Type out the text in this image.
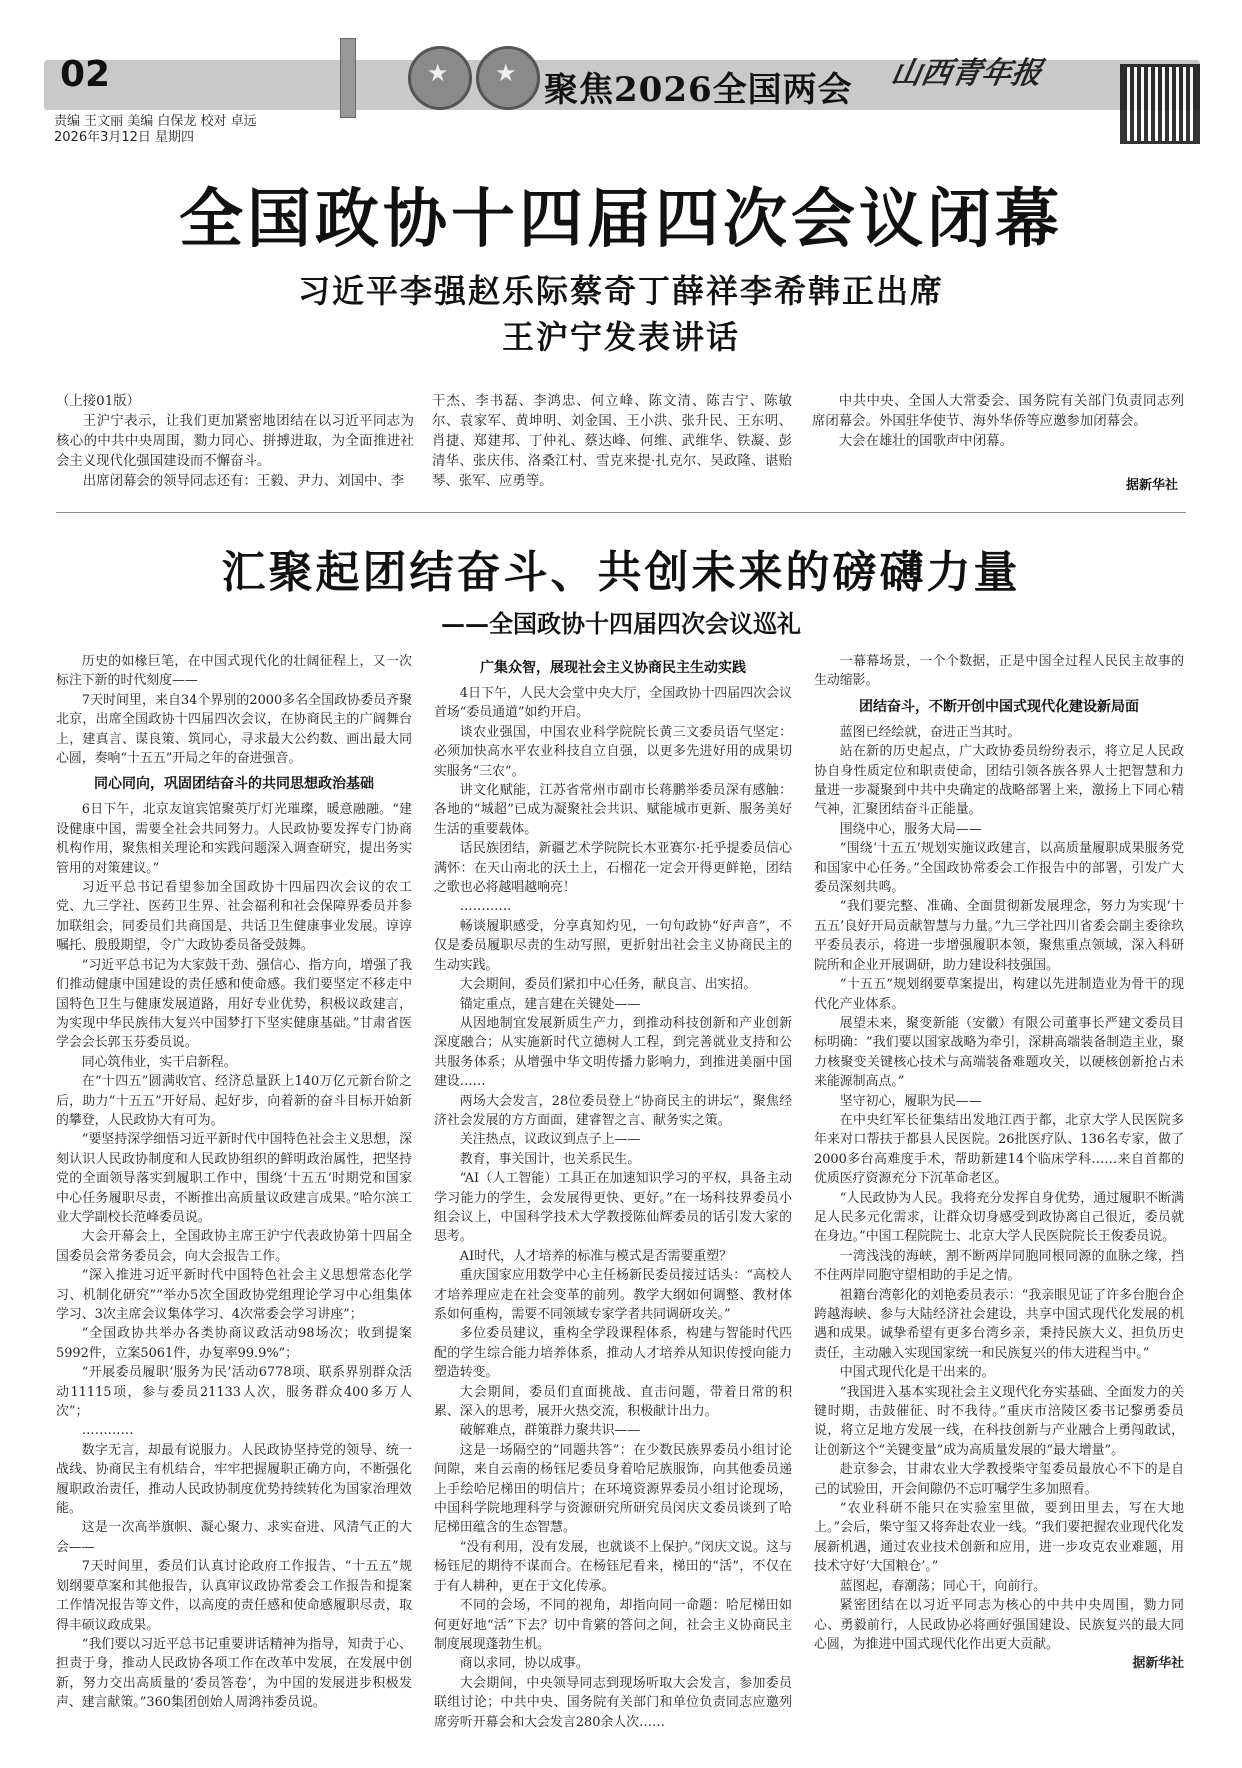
02 ★ ★	聚焦2026全国两会 山西青年报
责编 王文丽 美编 白保龙 校对 卓远
2026年3月12日 星期四
全国政协十四届四次会议闭幕
习近平李强赵乐际蔡奇丁薛祥李希韩正出席
王沪宁发表讲话

（上接01版）

王沪宁表示，让我们更加紧密地团结在以习近平同志为核心的中共中央周围，勠力同心、拼搏进取，为全面推进社会主义现代化强国建设而不懈奋斗。

出席闭幕会的领导同志还有：王毅、尹力、刘国中、李

干杰、李书磊、李鸿忠、何立峰、陈文清、陈吉宁、陈敏尔、袁家军、黄坤明、刘金国、王小洪、张升民、王东明、肖捷、郑建邦、丁仲礼、蔡达峰、何维、武维华、铁凝、彭清华、张庆伟、洛桑江村、雪克来提·扎克尔、吴政隆、谌贻琴、张军、应勇等。

中共中央、全国人大常委会、国务院有关部门负责同志列席闭幕会。外国驻华使节、海外华侨等应邀参加闭幕会。

大会在雄壮的国歌声中闭幕。

据新华社
汇聚起团结奋斗、共创未来的磅礴力量
——全国政协十四届四次会议巡礼

历史的如椽巨笔，在中国式现代化的壮阔征程上，又一次标注下新的时代刻度——

7天时间里，来自34个界别的2000多名全国政协委员齐聚北京，出席全国政协十四届四次会议，在协商民主的广阔舞台上，建真言、谋良策、筑同心，寻求最大公约数、画出最大同心圆，奏响“十五五”开局之年的奋进强音。

同心同向，巩固团结奋斗的共同思想政治基础

6日下午，北京友谊宾馆聚英厅灯光璀璨，暖意融融。“建设健康中国，需要全社会共同努力。人民政协要发挥专门协商机构作用，聚焦相关理论和实践问题深入调查研究，提出务实管用的对策建议。”

习近平总书记看望参加全国政协十四届四次会议的农工党、九三学社、医药卫生界、社会福利和社会保障界委员并参加联组会，同委员们共商国是、共话卫生健康事业发展。谆谆嘱托、殷殷期望，令广大政协委员备受鼓舞。

“习近平总书记为大家鼓干劲、强信心、指方向，增强了我们推动健康中国建设的责任感和使命感。我们要坚定不移走中国特色卫生与健康发展道路，用好专业优势，积极议政建言，为实现中华民族伟大复兴中国梦打下坚实健康基础。”甘肃省医学会会长郭玉芬委员说。

同心筑伟业，实干启新程。

在“十四五”圆满收官、经济总量跃上140万亿元新台阶之后，助力“十五五”开好局、起好步，向着新的奋斗目标开始新的攀登，人民政协大有可为。

“要坚持深学细悟习近平新时代中国特色社会主义思想，深刻认识人民政协制度和人民政协组织的鲜明政治属性，把坚持党的全面领导落实到履职工作中，围绕‘十五五’时期党和国家中心任务履职尽责，不断推出高质量议政建言成果。”哈尔滨工业大学副校长范峰委员说。

大会开幕会上，全国政协主席王沪宁代表政协第十四届全国委员会常务委员会，向大会报告工作。

“深入推进习近平新时代中国特色社会主义思想常态化学习、机制化研究”“举办5次全国政协党组理论学习中心组集体学习、3次主席会议集体学习、4次常委会学习讲座”；

“全国政协共举办各类协商议政活动98场次；收到提案5992件，立案5061件，办复率99.9%”；

“开展委员履职‘服务为民’活动6778项、联系界别群众活动11115项，参与委员21133人次，服务群众400多万人次”；

…………

数字无言，却最有说服力。人民政协坚持党的领导、统一战线、协商民主有机结合，牢牢把握履职正确方向，不断强化履职政治责任，推动人民政协制度优势持续转化为国家治理效能。

这是一次高举旗帜、凝心聚力、求实奋进、风清气正的大会——

7天时间里，委员们认真讨论政府工作报告、“十五五”规划纲要草案和其他报告，认真审议政协常委会工作报告和提案工作情况报告等文件，以高度的责任感和使命感履职尽责，取得丰硕议政成果。

“我们要以习近平总书记重要讲话精神为指导，知责于心、担责于身，推动人民政协各项工作在改革中发展，在发展中创新，努力交出高质量的‘委员答卷’，为中国的发展进步积极发声、建言献策。”360集团创始人周鸿祎委员说。

广集众智，展现社会主义协商民主生动实践

4日下午，人民大会堂中央大厅，全国政协十四届四次会议首场“委员通道”如约开启。

谈农业强国，中国农业科学院院长黄三文委员语气坚定：必须加快高水平农业科技自立自强，以更多先进好用的成果切实服务“三农”。

讲文化赋能，江苏省常州市副市长蒋鹏举委员深有感触：各地的“城超”已成为凝聚社会共识、赋能城市更新、服务美好生活的重要载体。

话民族团结，新疆艺术学院院长木亚赛尔·托乎提委员信心满怀：在天山南北的沃土上，石榴花一定会开得更鲜艳，团结之歌也必将越唱越响亮！

…………

畅谈履职感受，分享真知灼见，一句句政协“好声音”，不仅是委员履职尽责的生动写照，更折射出社会主义协商民主的生动实践。

大会期间，委员们紧扣中心任务，献良言、出实招。

锚定重点，建言建在关键处——

从因地制宜发展新质生产力，到推动科技创新和产业创新深度融合；从实施新时代立德树人工程，到完善就业支持和公共服务体系；从增强中华文明传播力影响力，到推进美丽中国建设……

两场大会发言，28位委员登上“协商民主的讲坛”，聚焦经济社会发展的方方面面，建睿智之言、献务实之策。

关注热点，议政议到点子上——

教育，事关国计，也关系民生。

“AI（人工智能）工具正在加速知识学习的平权，具备主动学习能力的学生，会发展得更快、更好。”在一场科技界委员小组会议上，中国科学技术大学教授陈仙辉委员的话引发大家的思考。

AI时代，人才培养的标准与模式是否需要重塑？

重庆国家应用数学中心主任杨新民委员接过话头：“高校人才培养理应走在社会变革的前列。教学大纲如何调整、教材体系如何重构，需要不同领域专家学者共同调研攻关。”

多位委员建议，重构全学段课程体系，构建与智能时代匹配的学生综合能力培养体系，推动人才培养从知识传授向能力塑造转变。

大会期间，委员们直面挑战、直击问题，带着日常的积累、深入的思考，展开火热交流，积极献计出力。

破解难点，群策群力聚共识——

这是一场隔空的“同题共答”：在少数民族界委员小组讨论间隙，来自云南的杨钰尼委员身着哈尼族服饰，向其他委员递上手绘哈尼梯田的明信片；在环境资源界委员小组讨论现场，中国科学院地理科学与资源研究所研究员闵庆文委员谈到了哈尼梯田蕴含的生态智慧。

“没有利用，没有发展，也就谈不上保护。”闵庆文说。这与杨钰尼的期待不谋而合。在杨钰尼看来，梯田的“活”，不仅在于有人耕种，更在于文化传承。

不同的会场，不同的视角，却指向同一命题：哈尼梯田如何更好地“活”下去？切中肯綮的答问之间，社会主义协商民主制度展现蓬勃生机。

商以求同，协以成事。

大会期间，中央领导同志到现场听取大会发言，参加委员联组讨论；中共中央、国务院有关部门和单位负责同志应邀列席旁听开幕会和大会发言280余人次……

一幕幕场景，一个个数据，正是中国全过程人民民主故事的生动缩影。

团结奋斗，不断开创中国式现代化建设新局面

蓝图已经绘就，奋进正当其时。

站在新的历史起点，广大政协委员纷纷表示，将立足人民政协自身性质定位和职责使命，团结引领各族各界人士把智慧和力量进一步凝聚到中共中央确定的战略部署上来，激扬上下同心精气神，汇聚团结奋斗正能量。

围绕中心，服务大局——

“围绕‘十五五’规划实施议政建言，以高质量履职成果服务党和国家中心任务。”全国政协常委会工作报告中的部署，引发广大委员深刻共鸣。

“我们要完整、准确、全面贯彻新发展理念，努力为实现‘十五五’良好开局贡献智慧与力量。”九三学社四川省委会副主委徐玖平委员表示，将进一步增强履职本领，聚焦重点领域，深入科研院所和企业开展调研，助力建设科技强国。

“十五五”规划纲要草案提出，构建以先进制造业为骨干的现代化产业体系。

展望未来，聚变新能（安徽）有限公司董事长严建文委员目标明确：“我们要以国家战略为牵引，深耕高端装备制造主业，聚力核聚变关键核心技术与高端装备难题攻关，以硬核创新抢占未来能源制高点。”

坚守初心，履职为民——

在中央红军长征集结出发地江西于都，北京大学人民医院多年来对口帮扶于都县人民医院。26批医疗队、136名专家，做了2000多台高难度手术，帮助新建14个临床学科……来自首都的优质医疗资源充分下沉革命老区。

“人民政协为人民。我将充分发挥自身优势，通过履职不断满足人民多元化需求，让群众切身感受到政协离自己很近，委员就在身边。”中国工程院院士、北京大学人民医院院长王俊委员说。

一湾浅浅的海峡，割不断两岸同胞同根同源的血脉之缘，挡不住两岸同胞守望相助的手足之情。

祖籍台湾彰化的刘艳委员表示：“我亲眼见证了许多台胞台企跨越海峡、参与大陆经济社会建设，共享中国式现代化发展的机遇和成果。诚挚希望有更多台湾乡亲，秉持民族大义、担负历史责任，主动融入实现国家统一和民族复兴的伟大进程当中。”

中国式现代化是干出来的。

“我国进入基本实现社会主义现代化夯实基础、全面发力的关键时期，击鼓催征、时不我待。”重庆市涪陵区委书记黎勇委员说，将立足地方发展一线，在科技创新与产业融合上勇闯敢试，让创新这个“关键变量”成为高质量发展的“最大增量”。

赴京参会，甘肃农业大学教授柴守玺委员最放心不下的是自己的试验田，开会间隙仍不忘叮嘱学生多加照看。

“农业科研不能只在实验室里做，要到田里去，写在大地上。”会后，柴守玺又将奔赴农业一线。“我们要把握农业现代化发展新机遇，通过农业技术创新和应用，进一步攻克农业难题，用技术守好‘大国粮仓’。”

蓝图起，春潮荡；同心干，向前行。

紧密团结在以习近平同志为核心的中共中央周围，勠力同心、勇毅前行，人民政协必将画好强国建设、民族复兴的最大同心圆，为推进中国式现代化作出更大贡献。

据新华社
